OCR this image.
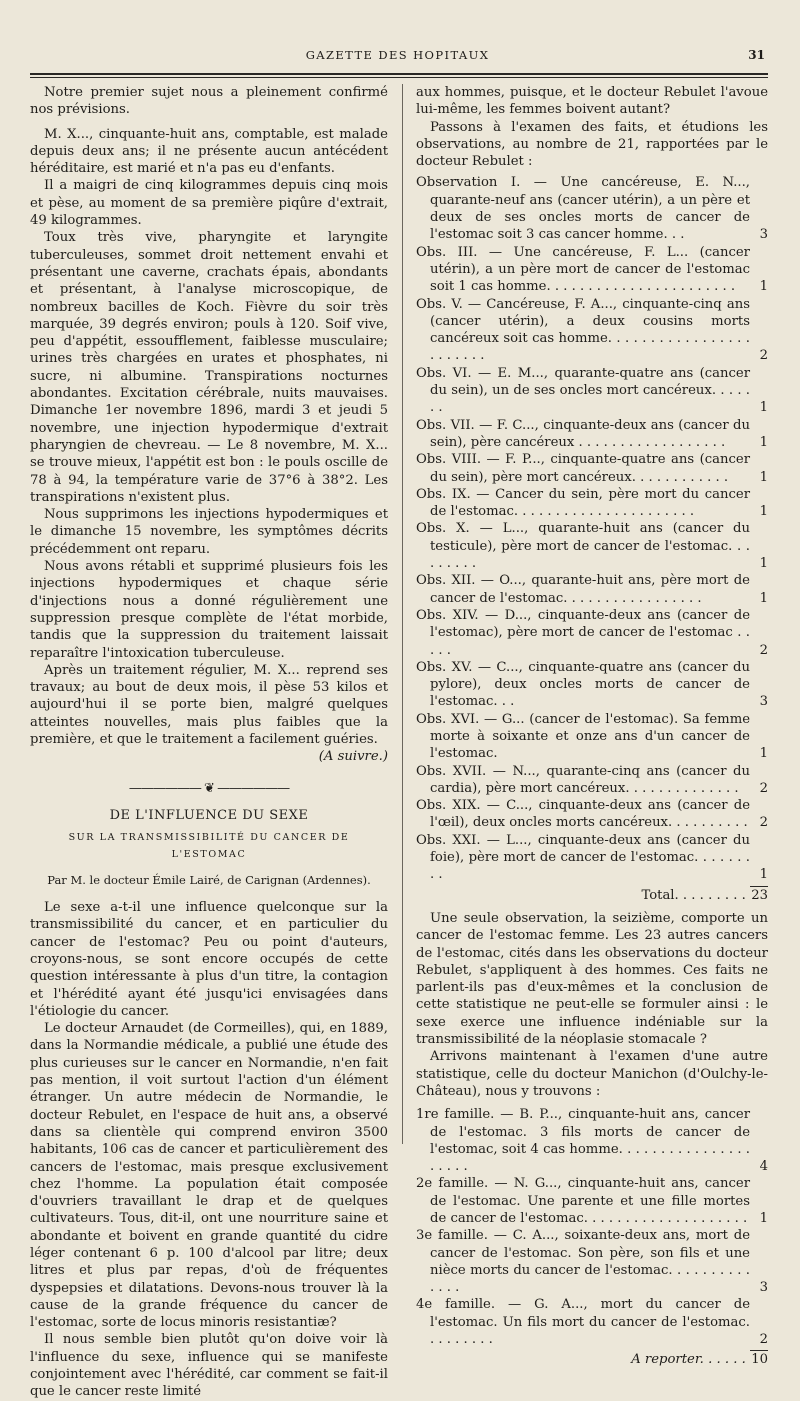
GAZETTE DES HOPITAUX	31

Notre premier sujet nous a pleinement confirmé nos prévisions.

M. X..., cinquante-huit ans, comptable, est malade depuis deux ans; il ne présente aucun antécédent héréditaire, est marié et n'a pas eu d'enfants.

Il a maigri de cinq kilogrammes depuis cinq mois et pèse, au moment de sa première piqûre d'extrait, 49 kilogrammes.

Toux très vive, pharyngite et laryngite tuberculeuses, sommet droit nettement envahi et présentant une caverne, crachats épais, abondants et présentant, à l'analyse microscopique, de nombreux bacilles de Koch. Fièvre du soir très marquée, 39 degrés environ; pouls à 120. Soif vive, peu d'appétit, essoufflement, faiblesse musculaire; urines très chargées en urates et phosphates, ni sucre, ni albumine. Transpirations nocturnes abondantes. Excitation cérébrale, nuits mauvaises. Dimanche 1er novembre 1896, mardi 3 et jeudi 5 novembre, une injection hypodermique d'extrait pharyngien de chevreau. — Le 8 novembre, M. X... se trouve mieux, l'appétit est bon : le pouls oscille de 78 à 94, la température varie de 37°6 à 38°2. Les transpirations n'existent plus.

Nous supprimons les injections hypodermiques et le dimanche 15 novembre, les symptômes décrits précédemment ont reparu.

Nous avons rétabli et supprimé plusieurs fois les injections hypodermiques et chaque série d'injections nous a donné régulièrement une suppression presque complète de l'état morbide, tandis que la suppression du traitement laissait reparaître l'intoxication tuberculeuse.

Après un traitement régulier, M. X... reprend ses travaux; au bout de deux mois, il pèse 53 kilos et aujourd'hui il se porte bien, malgré quelques atteintes nouvelles, mais plus faibles que la première, et que le traitement a facilement guéries.

(A suivre.)
—————— ❦ ——————
DE L'INFLUENCE DU SEXE
SUR LA TRANSMISSIBILITÉ DU CANCER DE L'ESTOMAC
Par M. le docteur Émile Lairé, de Carignan (Ardennes).

Le sexe a-t-il une influence quelconque sur la transmissibilité du cancer, et en particulier du cancer de l'estomac? Peu ou point d'auteurs, croyons-nous, se sont encore occupés de cette question intéressante à plus d'un titre, la contagion et l'hérédité ayant été jusqu'ici envisagées dans l'étiologie du cancer.

Le docteur Arnaudet (de Cormeilles), qui, en 1889, dans la Normandie médicale, a publié une étude des plus curieuses sur le cancer en Normandie, n'en fait pas mention, il voit surtout l'action d'un élément étranger. Un autre médecin de Normandie, le docteur Rebulet, en l'espace de huit ans, a observé dans sa clientèle qui comprend environ 3500 habitants, 106 cas de cancer et particulièrement des cancers de l'estomac, mais presque exclusivement chez l'homme. La population était composée d'ouvriers travaillant le drap et de quelques cultivateurs. Tous, dit-il, ont une nourriture saine et abondante et boivent en grande quantité du cidre léger contenant 6 p. 100 d'alcool par litre; deux litres et plus par repas, d'où de fréquentes dyspepsies et dilatations. Devons-nous trouver là la cause de la grande fréquence du cancer de l'estomac, sorte de locus minoris resistantiæ?

Il nous semble bien plutôt qu'on doive voir là l'influence du sexe, influence qui se manifeste conjointement avec l'hérédité, car comment se fait-il que le cancer reste limité

aux hommes, puisque, et le docteur Rebulet l'avoue lui-même, les femmes boivent autant?

Passons à l'examen des faits, et étudions les observations, au nombre de 21, rapportées par le docteur Rebulet :

Observation I. — Une cancéreuse, E. N..., quarante-neuf ans (cancer utérin), a un père et deux de ses oncles morts de cancer de l'estomac soit 3 cas cancer homme. . .	3
Obs. III. — Une cancéreuse, F. L... (cancer utérin), a un père mort de cancer de l'estomac soit 1 cas homme. . . . . . . . . . . . . . . . . . . . . . .	1
Obs. V. — Cancéreuse, F. A..., cinquante-cinq ans (cancer utérin), a deux cousins morts cancéreux soit cas homme. . . . . . . . . . . . . . . . . . . . . . . .	2
Obs. VI. — E. M..., quarante-quatre ans (cancer du sein), un de ses oncles mort cancéreux. . . . . . .	1
Obs. VII. — F. C..., cinquante-deux ans (cancer du sein), père cancéreux . . . . . . . . . . . . . . . . . .	1
Obs. VIII. — F. P..., cinquante-quatre ans (cancer du sein), père mort cancéreux. . . . . . . . . . . .	1
Obs. IX. — Cancer du sein, père mort du cancer de l'estomac. . . . . . . . . . . . . . . . . . . . . .	1
Obs. X. — L..., quarante-huit ans (cancer du testicule), père mort de cancer de l'estomac. . . . . . . . .	1
Obs. XII. — O..., quarante-huit ans, père mort de cancer de l'estomac. . . . . . . . . . . . . . . . .	1
Obs. XIV. — D..., cinquante-deux ans (cancer de l'estomac), père mort de cancer de l'estomac . . . . .	2
Obs. XV. — C..., cinquante-quatre ans (cancer du pylore), deux oncles morts de cancer de l'estomac. . .	3
Obs. XVI. — G... (cancer de l'estomac). Sa femme morte à soixante et onze ans d'un cancer de l'estomac.	1
Obs. XVII. — N..., quarante-cinq ans (cancer du cardia), père mort cancéreux. . . . . . . . . . . . . .	2
Obs. XIX. — C..., cinquante-deux ans (cancer de l'œil), deux oncles morts cancéreux. . . . . . . . . . 2
Obs. XXI. — L..., cinquante-deux ans (cancer du foie), père mort de cancer de l'estomac. . . . . . . . .	1
Total. . . . . . . . . 23

Une seule observation, la seizième, comporte un cancer de l'estomac femme. Les 23 autres cancers de l'estomac, cités dans les observations du docteur Rebulet, s'appliquent à des hommes. Ces faits ne parlent-ils pas d'eux-mêmes et la conclusion de cette statistique ne peut-elle se formuler ainsi : le sexe exerce une influence indéniable sur la transmissibilité de la néoplasie stomacale ?

Arrivons maintenant à l'examen d'une autre statistique, celle du docteur Manichon (d'Oulchy-le-Château), nous y trouvons :

1re famille. — B. P..., cinquante-huit ans, cancer de l'estomac. 3 fils morts de cancer de l'estomac, soit 4 cas homme. . . . . . . . . . . . . . . . . . . . .	4
2e famille. — N. G..., cinquante-huit ans, cancer de l'estomac. Une parente et une fille mortes de cancer de l'estomac. . . . . . . . . . . . . . . . . . . . 1
3e famille. — C. A..., soixante-deux ans, mort de cancer de l'estomac. Son père, son fils et une nièce morts du cancer de l'estomac. . . . . . . . . . . . . .	3
4e famille. — G. A..., mort du cancer de l'estomac. Un fils mort du cancer de l'estomac. . . . . . . . .	2
A reporter. . . . . . 10
